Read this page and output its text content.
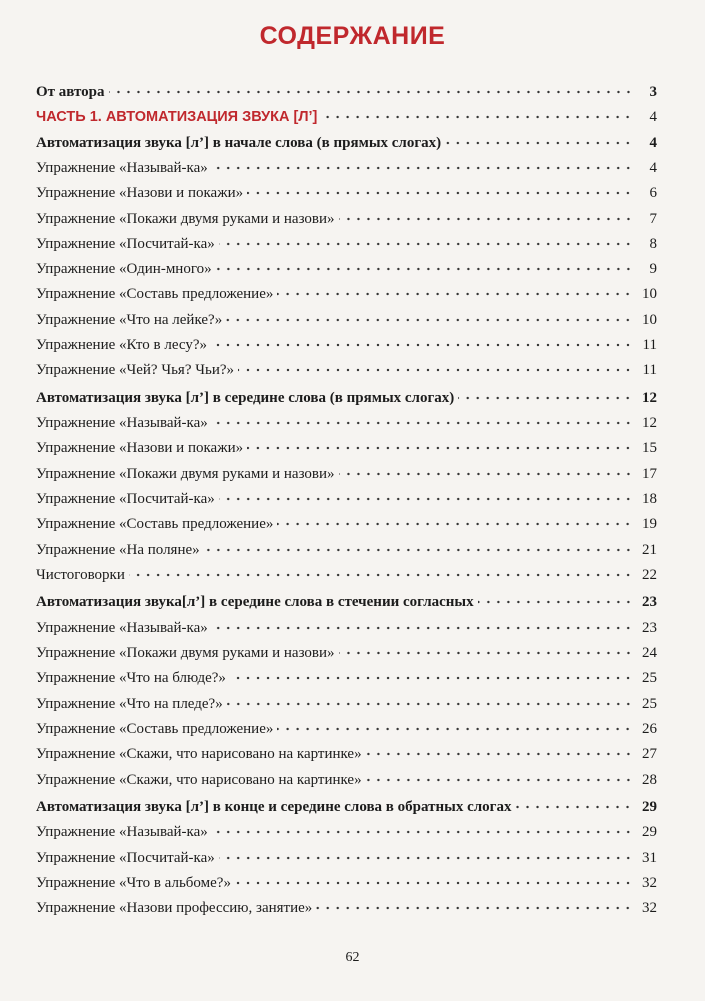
СОДЕРЖАНИЕ
От автора	3
ЧАСТЬ 1. АВТОМАТИЗАЦИЯ ЗВУКА [Л’]	4
Автоматизация звука [л’] в начале слова (в прямых слогах)	4
Упражнение «Называй-ка»	4
Упражнение «Назови и покажи»	6
Упражнение «Покажи двумя руками и назови»	7
Упражнение «Посчитай-ка»	8
Упражнение «Один-много»	9
Упражнение «Составь предложение»	10
Упражнение «Что на лейке?»	10
Упражнение «Кто в лесу?»	11
Упражнение «Чей? Чья? Чьи?»	11
Автоматизация звука [л’] в середине слова (в прямых слогах)	12
Упражнение «Называй-ка»	12
Упражнение «Назови и покажи»	15
Упражнение «Покажи двумя руками и назови»	17
Упражнение «Посчитай-ка»	18
Упражнение «Составь предложение»	19
Упражнение «На поляне»	21
Чистоговорки	22
Автоматизация звука[л’] в середине слова в стечении согласных	23
Упражнение «Называй-ка»	23
Упражнение «Покажи двумя руками и назови»	24
Упражнение «Что на блюде?»	25
Упражнение «Что на пледе?»	25
Упражнение «Составь предложение»	26
Упражнение «Скажи, что нарисовано на картинке»	27
Упражнение «Скажи, что нарисовано на картинке»	28
Автоматизация звука [л’] в конце и середине слова в обратных слогах	29
Упражнение «Называй-ка»	29
Упражнение «Посчитай-ка»	31
Упражнение «Что в альбоме?»	32
Упражнение «Назови профессию, занятие»	32
62
